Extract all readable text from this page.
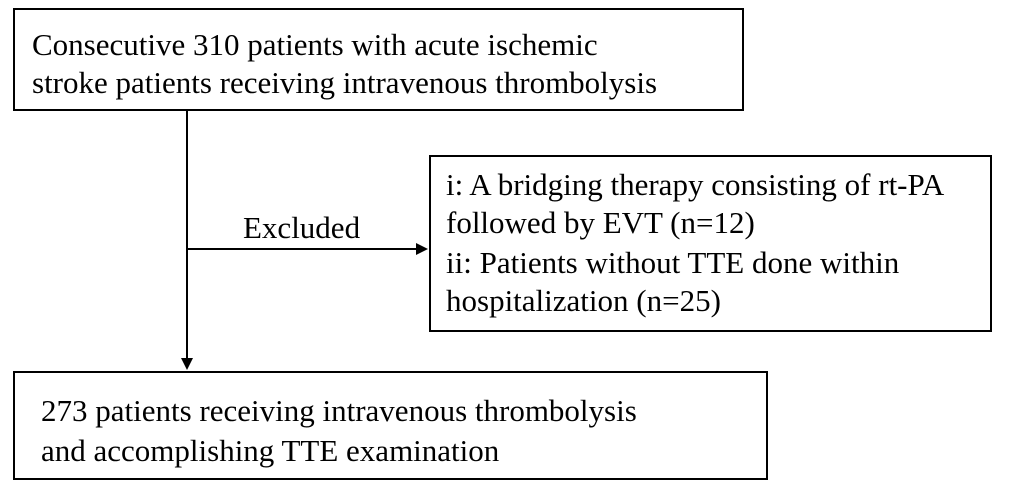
Consecutive 310 patients with acute ischemic
stroke patients receiving intravenous thrombolysis
Excluded
i: A bridging therapy consisting of rt-PA
followed by EVT (n=12)
ii: Patients without TTE done within
hospitalization (n=25)
273 patients receiving intravenous thrombolysis
and accomplishing TTE examination
